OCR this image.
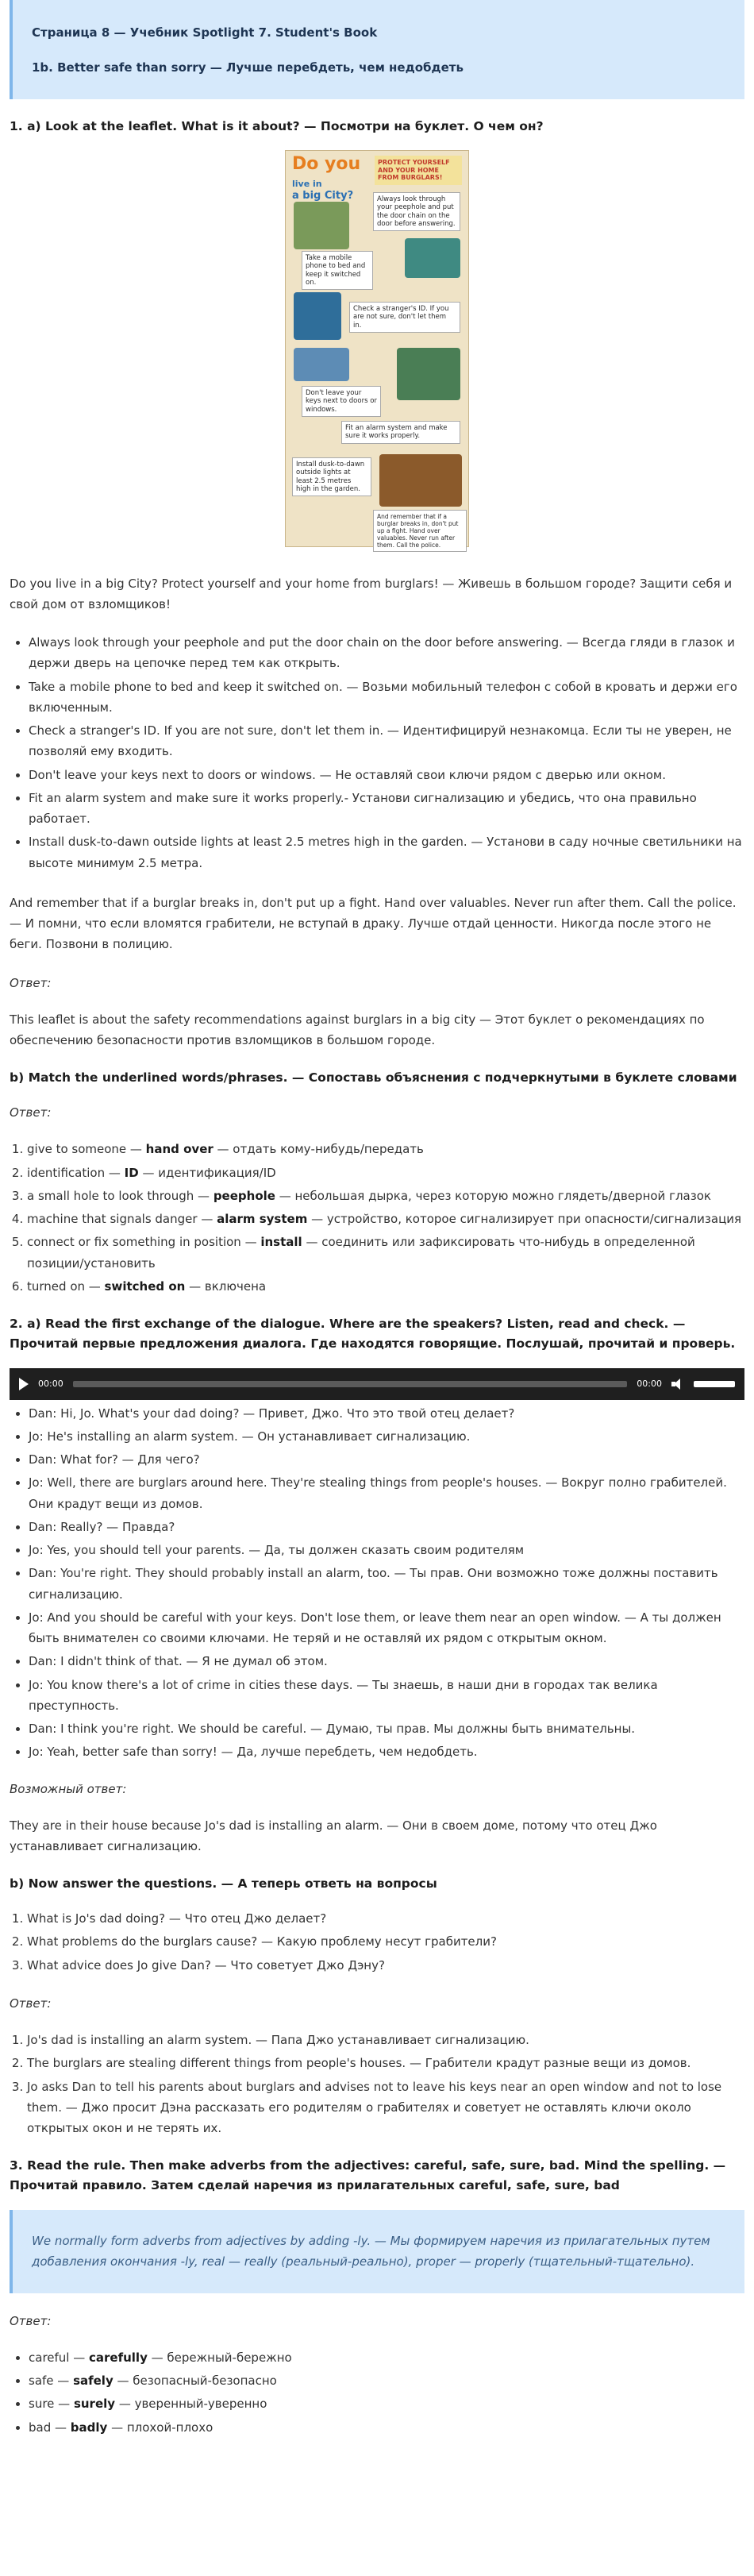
Страница 8 — Учебник Spotlight 7. Student's Book
1b. Better safe than sorry — Лучше перебдеть, чем недобдеть
1. a) Look at the leaflet. What is it about? — Посмотри на буклет. О чем он?
Do you live in
a big City?
PROTECT YOURSELF AND YOUR HOME FROM BURGLARS!
Always look through your peephole and put the door chain on the door before answering.
Take a mobile phone to bed and keep it switched on.
Check a stranger's ID. If you are not sure, don't let them in.
Don't leave your keys next to doors or windows.
Fit an alarm system and make sure it works properly.
Install dusk-to-dawn outside lights at least 2.5 metres high in the garden.
And remember that if a burglar breaks in, don't put up a fight. Hand over valuables. Never run after them. Call the police.

Do you live in a big City? Protect yourself and your home from burglars! — Живешь в большом городе? Защити себя и свой дом от взломщиков!

• Always look through your peephole and put the door chain on the door before answering. — Всегда гляди в глазок и держи дверь на цепочке перед тем как открыть.
• Take a mobile phone to bed and keep it switched on. — Возьми мобильный телефон с собой в кровать и держи его включенным.
• Check a stranger's ID. If you are not sure, don't let them in. — Идентифицируй незнакомца. Если ты не уверен, не позволяй ему входить.
• Don't leave your keys next to doors or windows. — Не оставляй свои ключи рядом с дверью или окном.
• Fit an alarm system and make sure it works properly.- Установи сигнализацию и убедись, что она правильно работает.
• Install dusk-to-dawn outside lights at least 2.5 metres high in the garden. — Установи в саду ночные светильники на высоте минимум 2.5 метра.

And remember that if a burglar breaks in, don't put up a fight. Hand over valuables. Never run after them. Call the police. — И помни, что если вломятся грабители, не вступай в драку. Лучше отдай ценности. Никогда после этого не беги. Позвони в полицию.

Ответ:

This leaflet is about the safety recommendations against burglars in a big city — Этот буклет о рекомендациях по обеспечению безопасности против взломщиков в большом городе.

b) Match the underlined words/phrases. — Сопоставь объяснения с подчеркнутыми в буклете словами
Ответ:
1. give to someone — hand over — отдать кому-нибудь/передать
2. identification — ID — идентификация/ID
3. a small hole to look through — peephole — небольшая дырка, через которую можно глядеть/дверной глазок
4. machine that signals danger — alarm system — устройство, которое сигнализирует при опасности/сигнализация
5. connect or fix something in position — install — соединить или зафиксировать что-нибудь в определенной позиции/установить
6. turned on — switched on — включена
2. a) Read the first exchange of the dialogue. Where are the speakers? Listen, read and check. — Прочитай первые предложения диалога. Где находятся говорящие. Послушай, прочитай и проверь.
00:00	00:00
• Dan: Hi, Jo. What's your dad doing? — Привет, Джо. Что это твой отец делает?
• Jo: He's installing an alarm system. — Он устанавливает сигнализацию.
• Dan: What for? — Для чего?
• Jo: Well, there are burglars around here. They're stealing things from people's houses. — Вокруг полно грабителей. Они крадут вещи из домов.
• Dan: Really? — Правда?
• Jo: Yes, you should tell your parents. — Да, ты должен сказать своим родителям
• Dan: You're right. They should probably install an alarm, too. — Ты прав. Они возможно тоже должны поставить сигнализацию.
• Jo: And you should be careful with your keys. Don't lose them, or leave them near an open window. — А ты должен быть внимателен со своими ключами. Не теряй и не оставляй их рядом с открытым окном.
• Dan: I didn't think of that. — Я не думал об этом.
• Jo: You know there's a lot of crime in cities these days. — Ты знаешь, в наши дни в городах так велика преступность.
• Dan: I think you're right. We should be careful. — Думаю, ты прав. Мы должны быть внимательны.
• Jo: Yeah, better safe than sorry! — Да, лучше перебдеть, чем недобдеть.
Возможный ответ:

They are in their house because Jo's dad is installing an alarm. — Они в своем доме, потому что отец Джо устанавливает сигнализацию.

b) Now answer the questions. — А теперь ответь на вопросы
1. What is Jo's dad doing? — Что отец Джо делает?
2. What problems do the burglars cause? — Какую проблему несут грабители?
3. What advice does Jo give Dan? — Что советует Джо Дэну?
Ответ:
1. Jo's dad is installing an alarm system. — Папа Джо устанавливает сигнализацию.
2. The burglars are stealing different things from people's houses. — Грабители крадут разные вещи из домов.
3. Jo asks Dan to tell his parents about burglars and advises not to leave his keys near an open window and not to lose them. — Джо просит Дэна рассказать его родителям о грабителях и советует не оставлять ключи около открытых окон и не терять их.
3. Read the rule. Then make adverbs from the adjectives: careful, safe, sure, bad. Mind the spelling. — Прочитай правило. Затем сделай наречия из прилагательных careful, safe, sure, bad
We normally form adverbs from adjectives by adding -ly. — Мы формируем наречия из прилагательных путем добавления окончания -ly, real — really (реальный-реально), proper — properly (тщательный-тщательно).
Ответ:
• careful — carefully — бережный-бережно
• safe — safely — безопасный-безопасно
• sure — surely — уверенный-уверенно
• bad — badly — плохой-плохо
